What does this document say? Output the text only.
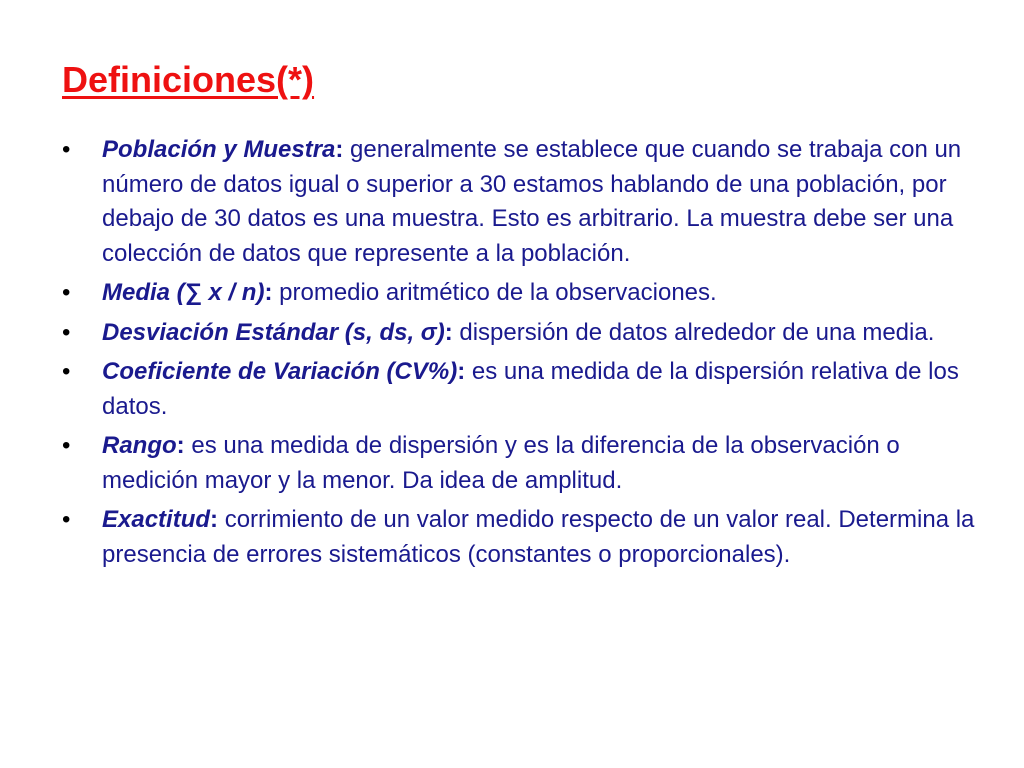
Definiciones(*)
•	Población y Muestra: generalmente se establece que cuando se trabaja con un número de datos igual o superior a 30 estamos hablando de una población, por debajo de 30 datos es una muestra. Esto es arbitrario. La muestra debe ser una colección de datos que represente a la población.
•	Media (∑ x / n): promedio aritmético de la observaciones.
•	Desviación Estándar (s, ds, σ): dispersión de datos alrededor de una media.
•	Coeficiente de Variación (CV%): es una medida de la dispersión relativa de los datos.
•	Rango: es una medida de dispersión y es la diferencia de la observación o medición mayor y la menor. Da idea de amplitud.
•	Exactitud: corrimiento de un valor medido respecto de un valor real. Determina la presencia de errores sistemáticos (constantes o proporcionales).
